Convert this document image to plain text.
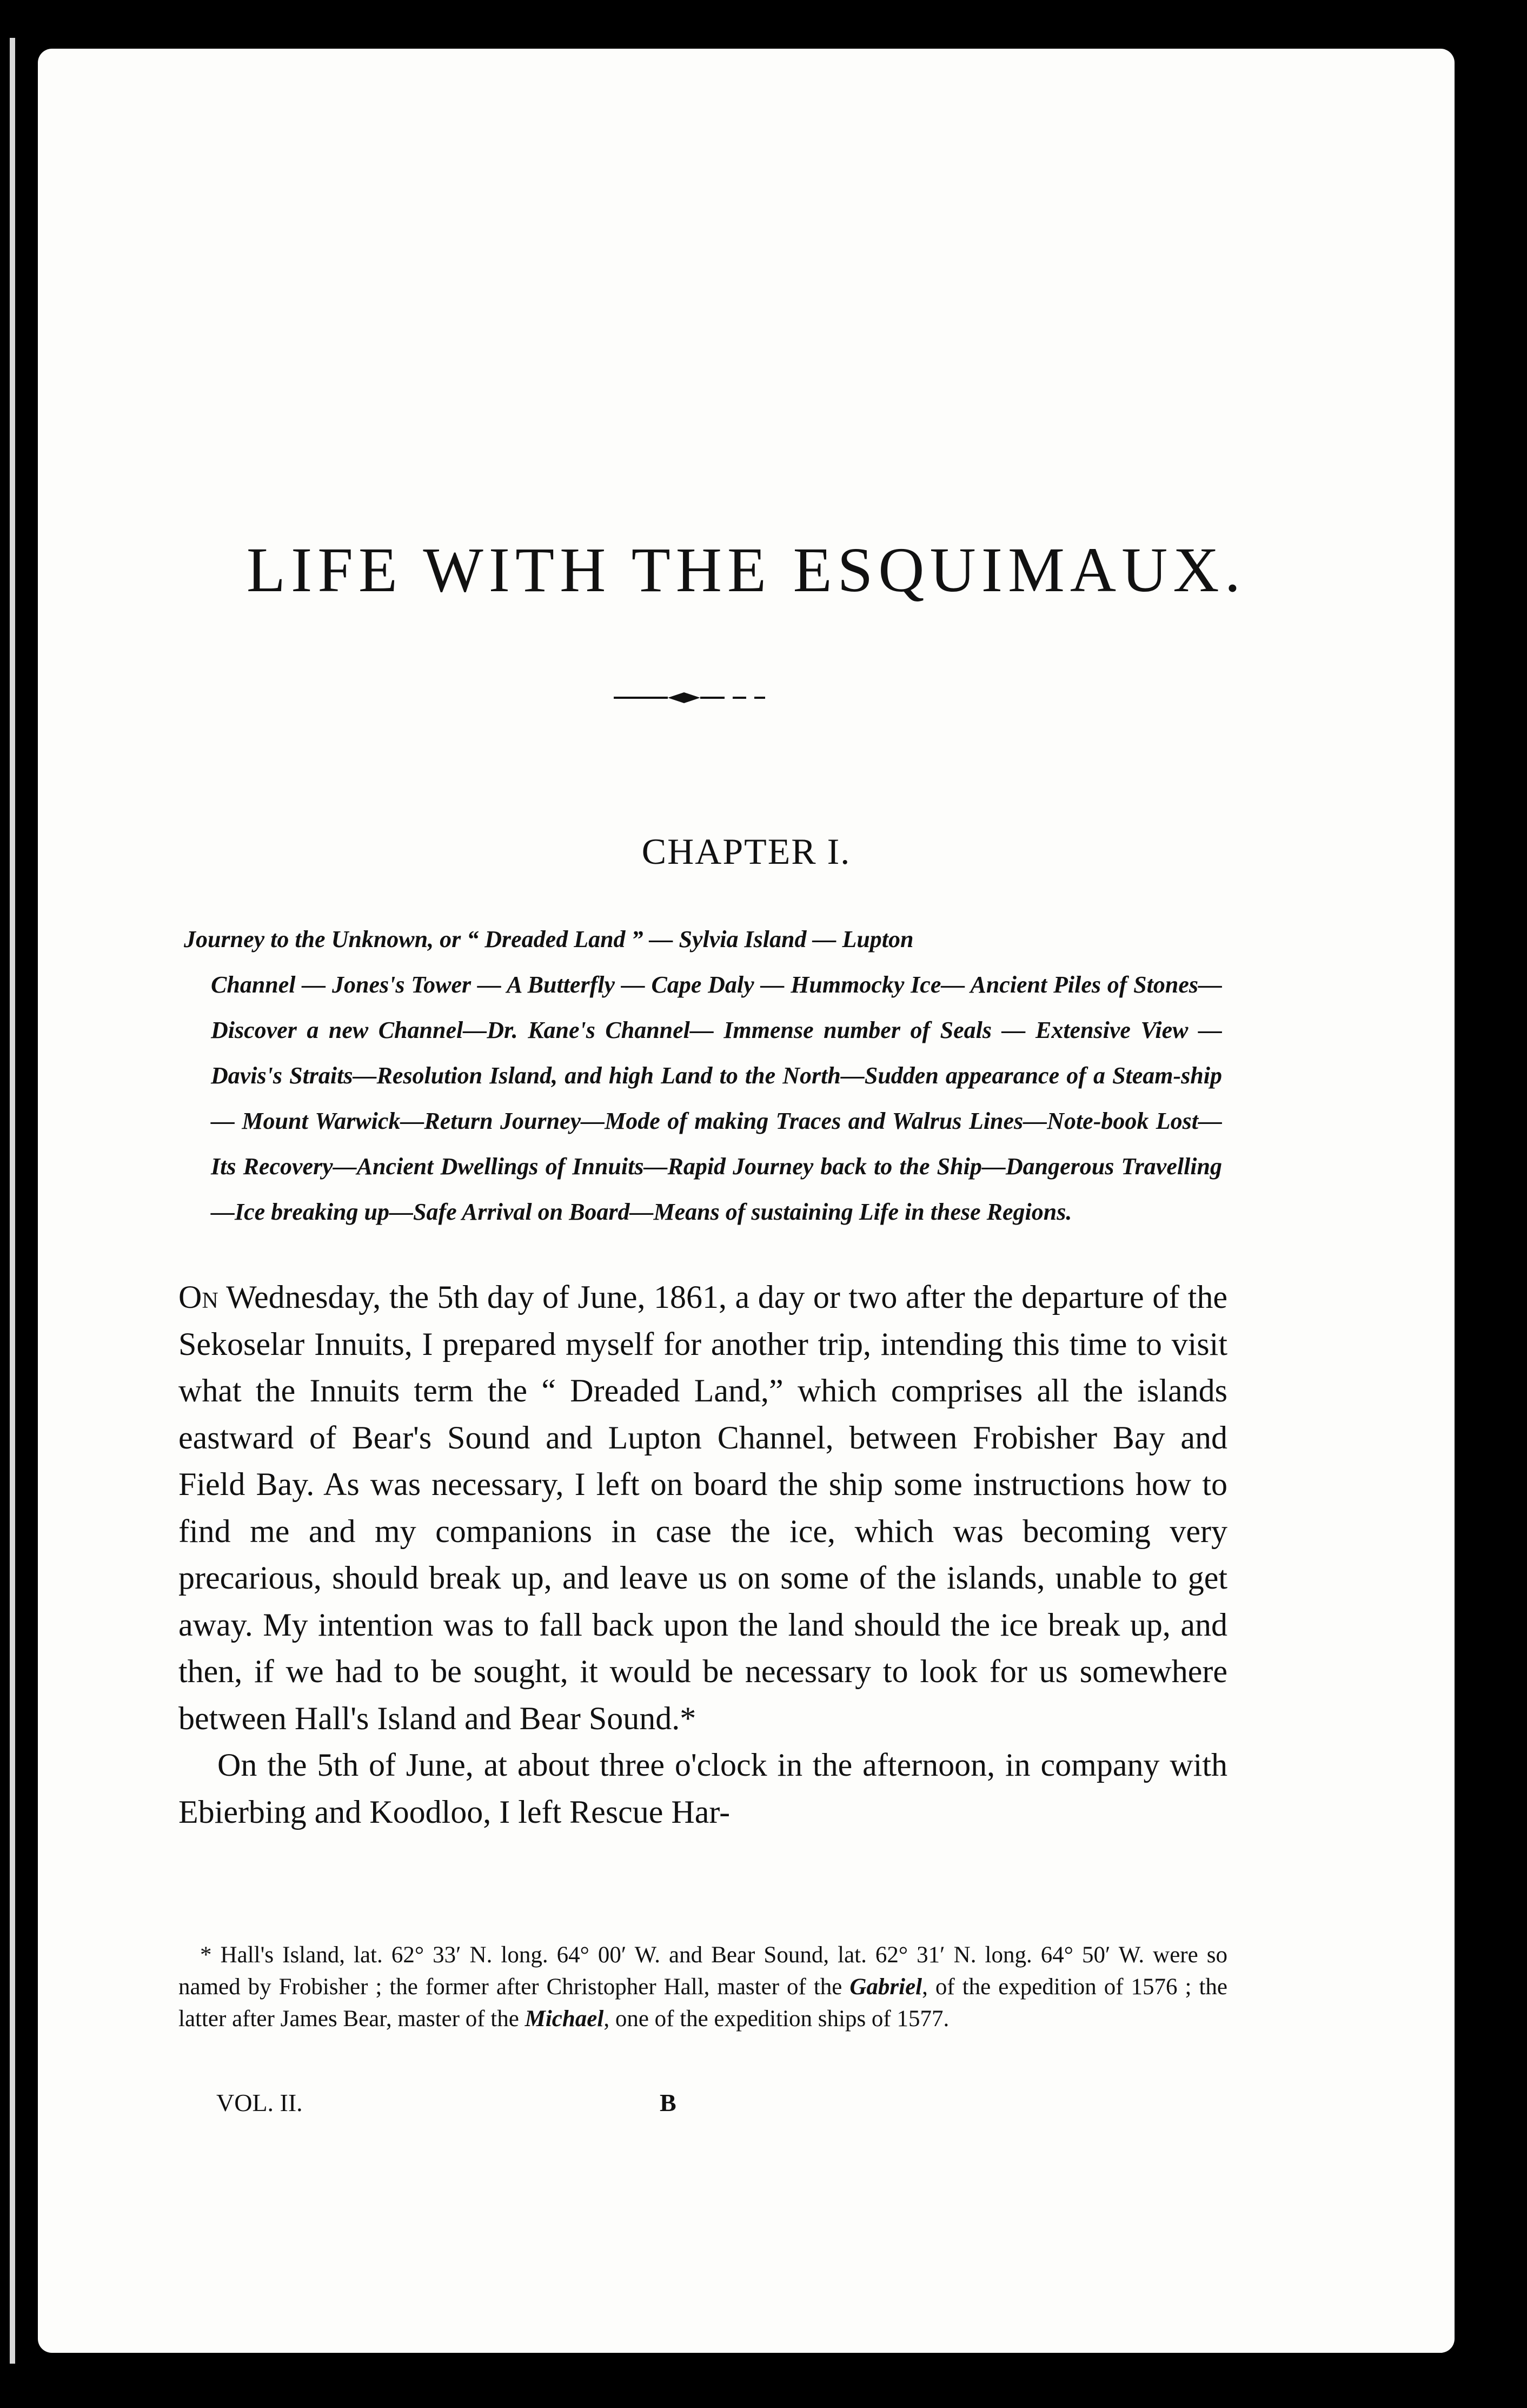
LIFE WITH THE ESQUIMAUX.
CHAPTER I.
Journey to the Unknown, or “ Dreaded Land ” — Sylvia Island — Lupton
Channel — Jones's Tower — A Butterfly — Cape Daly — Hummocky Ice— Ancient Piles of Stones—Discover a new Channel—Dr. Kane's Channel— Immense number of Seals — Extensive View — Davis's Straits—Resolution Island, and high Land to the North—Sudden appearance of a Steam-ship— Mount Warwick—Return Journey—Mode of making Traces and Walrus Lines—Note-book Lost—Its Recovery—Ancient Dwellings of Innuits—Rapid Journey back to the Ship—Dangerous Travelling—Ice breaking up—Safe Arrival on Board—Means of sustaining Life in these Regions.

On Wednesday, the 5th day of June, 1861, a day or two after the departure of the Sekoselar Innuits, I prepared myself for another trip, intending this time to visit what the Innuits term the “ Dreaded Land,” which comprises all the islands eastward of Bear's Sound and Lupton Channel, between Frobisher Bay and Field Bay. As was necessary, I left on board the ship some instructions how to find me and my companions in case the ice, which was becoming very precarious, should break up, and leave us on some of the islands, unable to get away. My intention was to fall back upon the land should the ice break up, and then, if we had to be sought, it would be necessary to look for us somewhere between Hall's Island and Bear Sound.*

On the 5th of June, at about three o'clock in the afternoon, in company with Ebierbing and Koodloo, I left Rescue Har-

* Hall's Island, lat. 62° 33′ N. long. 64° 00′ W. and Bear Sound, lat. 62° 31′ N. long. 64° 50′ W. were so named by Frobisher ; the former after Christopher Hall, master of the Gabriel, of the expedition of 1576 ; the latter after James Bear, master of the Michael, one of the expedition ships of 1577.
VOL. II.	B
10
